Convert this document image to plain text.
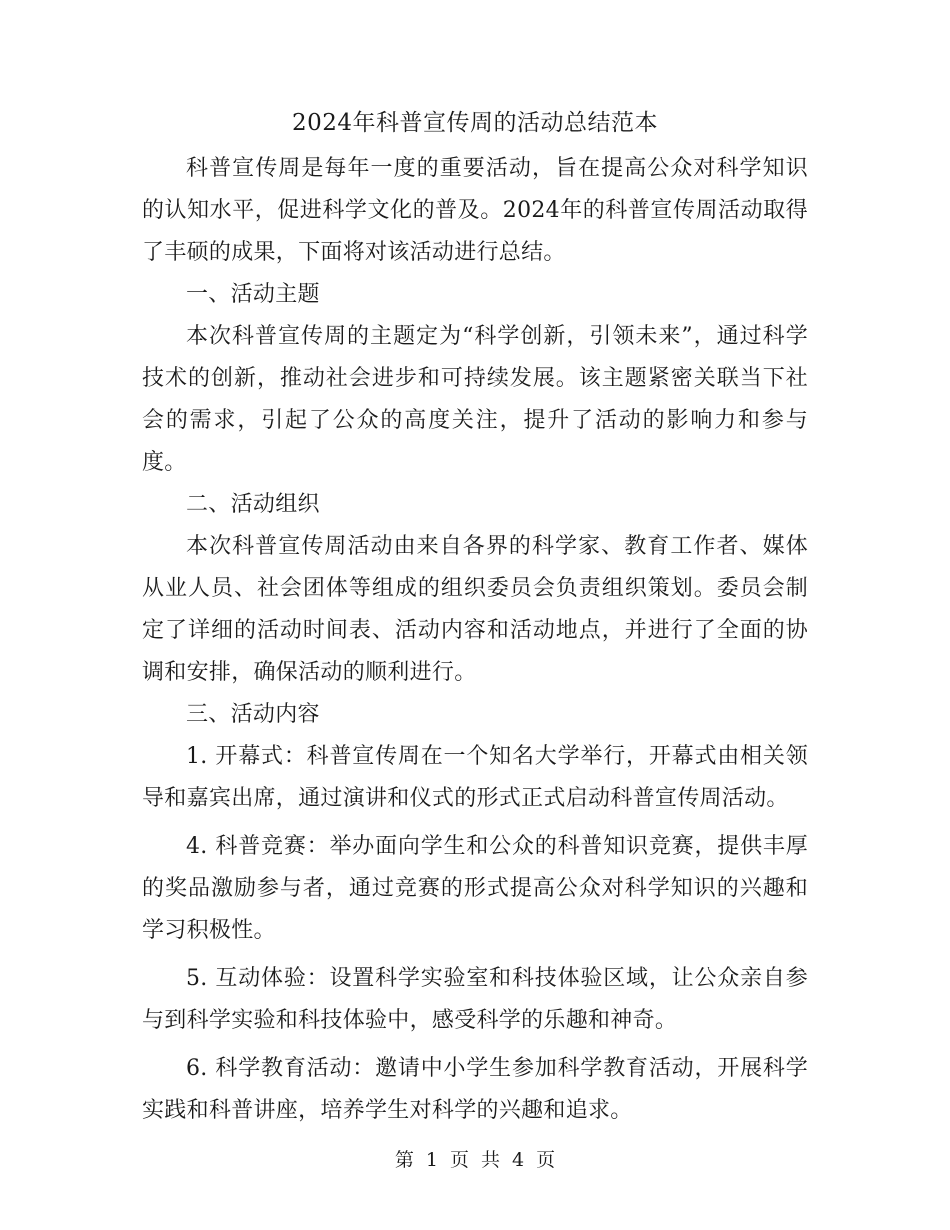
2024年科普宣传周的活动总结范本

科普宣传周是每年一度的重要活动，旨在提高公众对科学知识的认知水平，促进科学文化的普及。2024年的科普宣传周活动取得了丰硕的成果，下面将对该活动进行总结。

一、活动主题

本次科普宣传周的主题定为“科学创新，引领未来”，通过科学技术的创新，推动社会进步和可持续发展。该主题紧密关联当下社会的需求，引起了公众的高度关注，提升了活动的影响力和参与度。

二、活动组织

本次科普宣传周活动由来自各界的科学家、教育工作者、媒体从业人员、社会团体等组成的组织委员会负责组织策划。委员会制定了详细的活动时间表、活动内容和活动地点，并进行了全面的协调和安排，确保活动的顺利进行。

三、活动内容

1. 开幕式：科普宣传周在一个知名大学举行，开幕式由相关领导和嘉宾出席，通过演讲和仪式的形式正式启动科普宣传周活动。

4. 科普竞赛：举办面向学生和公众的科普知识竞赛，提供丰厚的奖品激励参与者，通过竞赛的形式提高公众对科学知识的兴趣和学习积极性。

5. 互动体验：设置科学实验室和科技体验区域，让公众亲自参与到科学实验和科技体验中，感受科学的乐趣和神奇。

6. 科学教育活动：邀请中小学生参加科学教育活动，开展科学实践和科普讲座，培养学生对科学的兴趣和追求。

第 1 页 共 4 页
